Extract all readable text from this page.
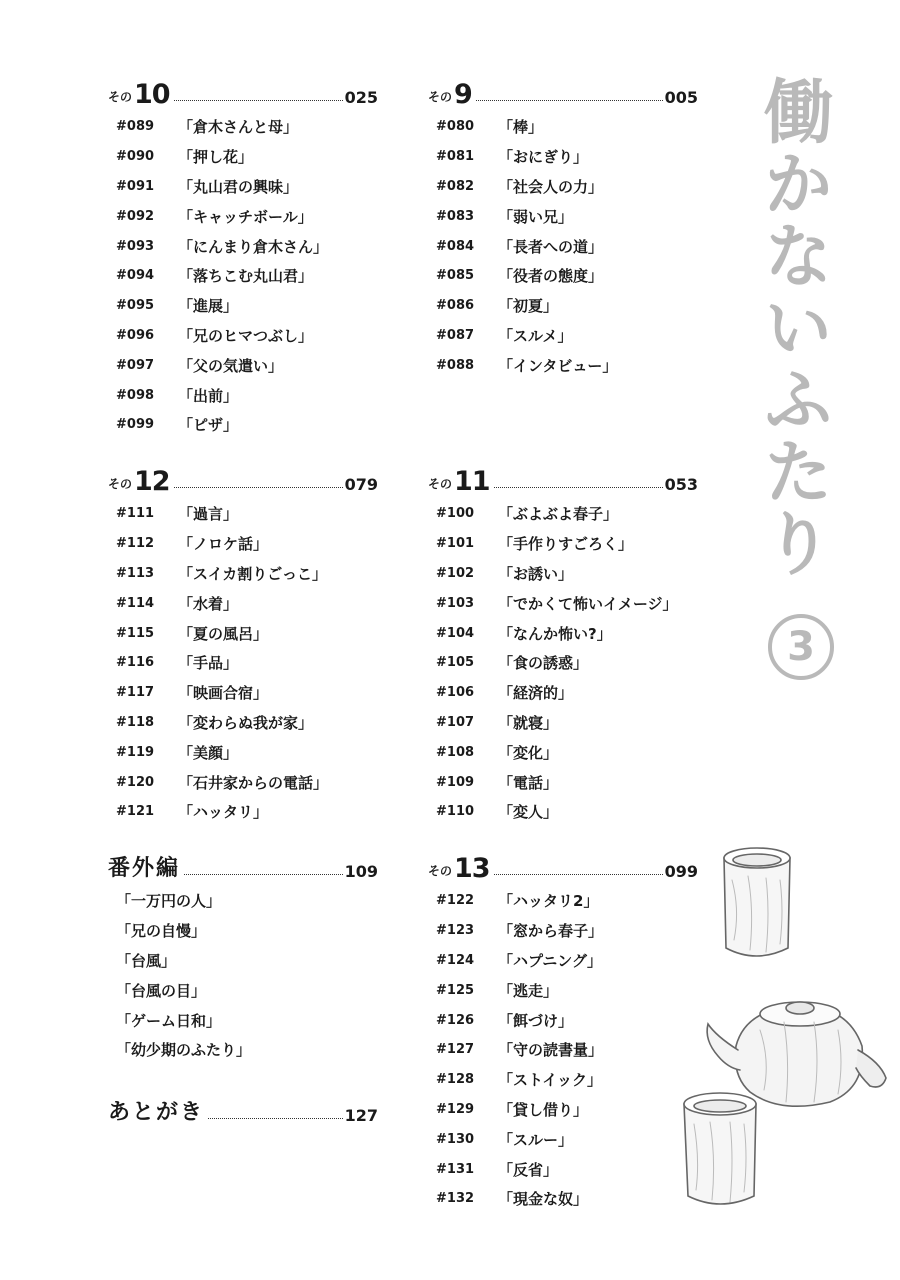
その 10	025
#089	「倉木さんと母」
#090	「押し花」
#091	「丸山君の興味」
#092	「キャッチボール」
#093	「にんまり倉木さん」
#094	「落ちこむ丸山君」
#095	「進展」
#096	「兄のヒマつぶし」
#097	「父の気遣い」
#098	「出前」
#099	「ピザ」
その 9	005
#080	「棒」
#081	「おにぎり」
#082	「社会人の力」
#083	「弱い兄」
#084	「長者への道」
#085	「役者の態度」
#086	「初夏」
#087	「スルメ」
#088	「インタビュー」
その 12	079
#111	「過言」
#112	「ノロケ話」
#113	「スイカ割りごっこ」
#114	「水着」
#115	「夏の風呂」
#116	「手品」
#117	「映画合宿」
#118	「変わらぬ我が家」
#119	「美顔」
#120	「石井家からの電話」
#121	「ハッタリ」
その 11	053
#100	「ぶよぶよ春子」
#101	「手作りすごろく」
#102	「お誘い」
#103	「でかくて怖いイメージ」
#104	「なんか怖い?」
#105	「食の誘惑」
#106	「経済的」
#107	「就寝」
#108	「変化」
#109	「電話」
#110	「変人」
番外編	109
「一万円の人」
「兄の自慢」
「台風」
「台風の目」
「ゲーム日和」
「幼少期のふたり」
あとがき	127
その 13	099
#122	「ハッタリ2」
#123	「窓から春子」
#124	「ハプニング」
#125	「逃走」
#126	「餌づけ」
#127	「守の読書量」
#128	「ストイック」
#129	「貸し借り」
#130	「スルー」
#131	「反省」
#132	「現金な奴」
働かないふたり
3
